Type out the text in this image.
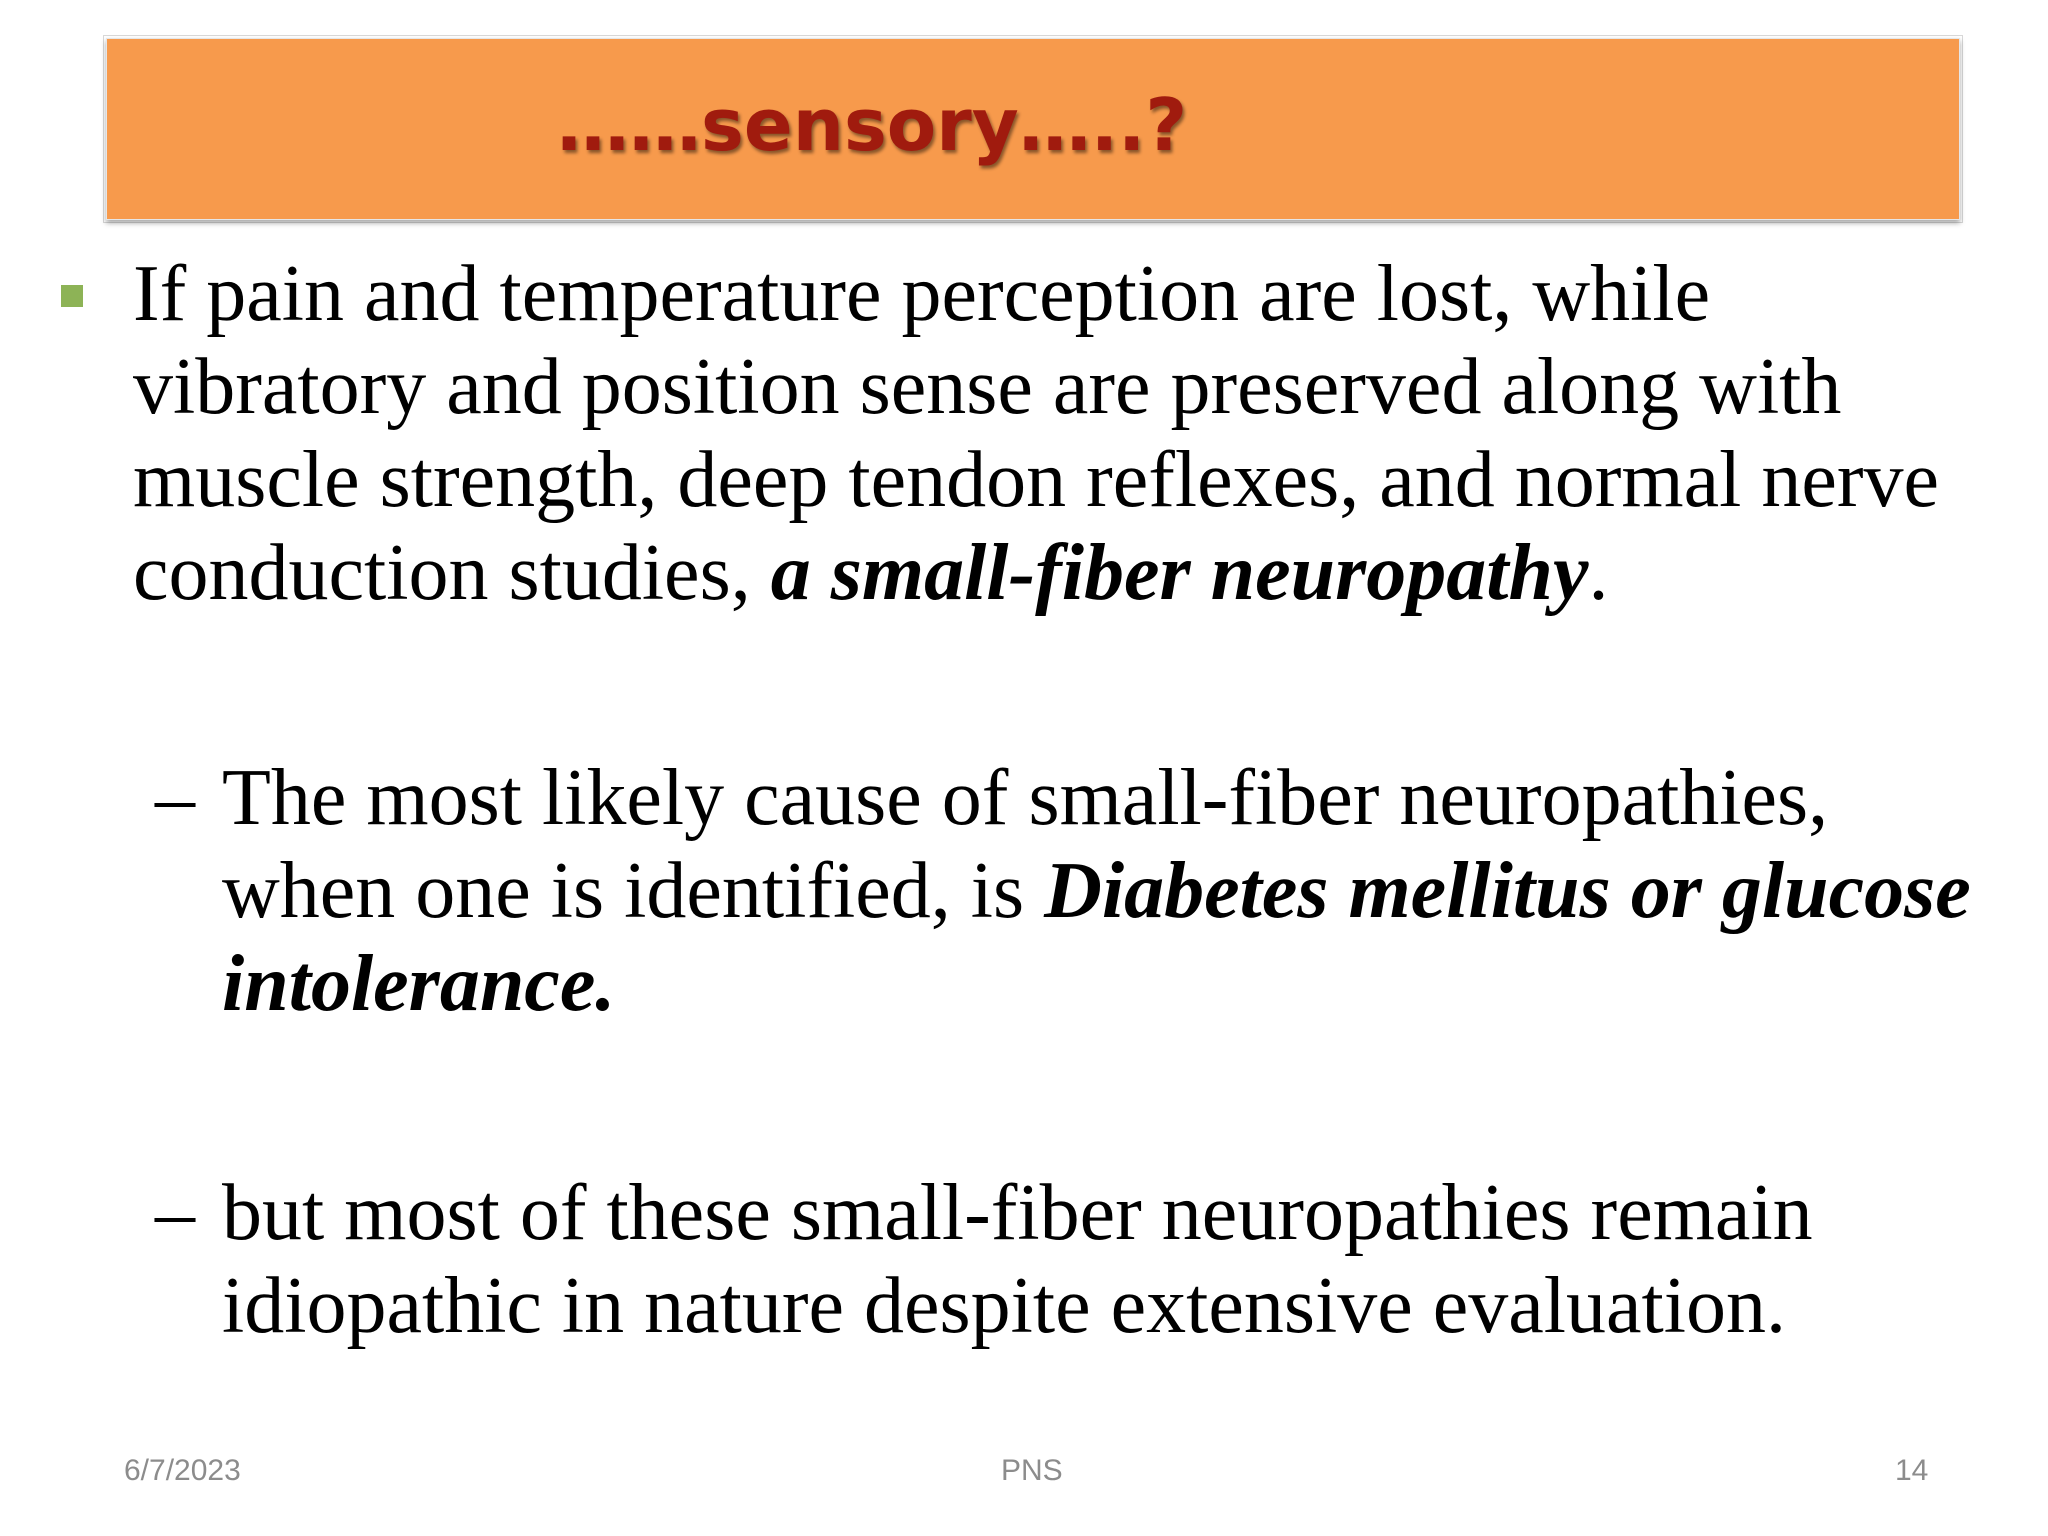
……sensory…..?
If pain and temperature perception are lost, while vibratory and position sense are preserved along with muscle strength, deep tendon reflexes, and normal nerve conduction studies, a small-fiber neuropathy.
– The most likely cause of small-fiber neuropathies, when one is identified, is Diabetes mellitus or glucose intolerance.
– but most of these small-fiber neuropathies remain idiopathic in nature despite extensive evaluation.
6/7/2023	PNS	14
